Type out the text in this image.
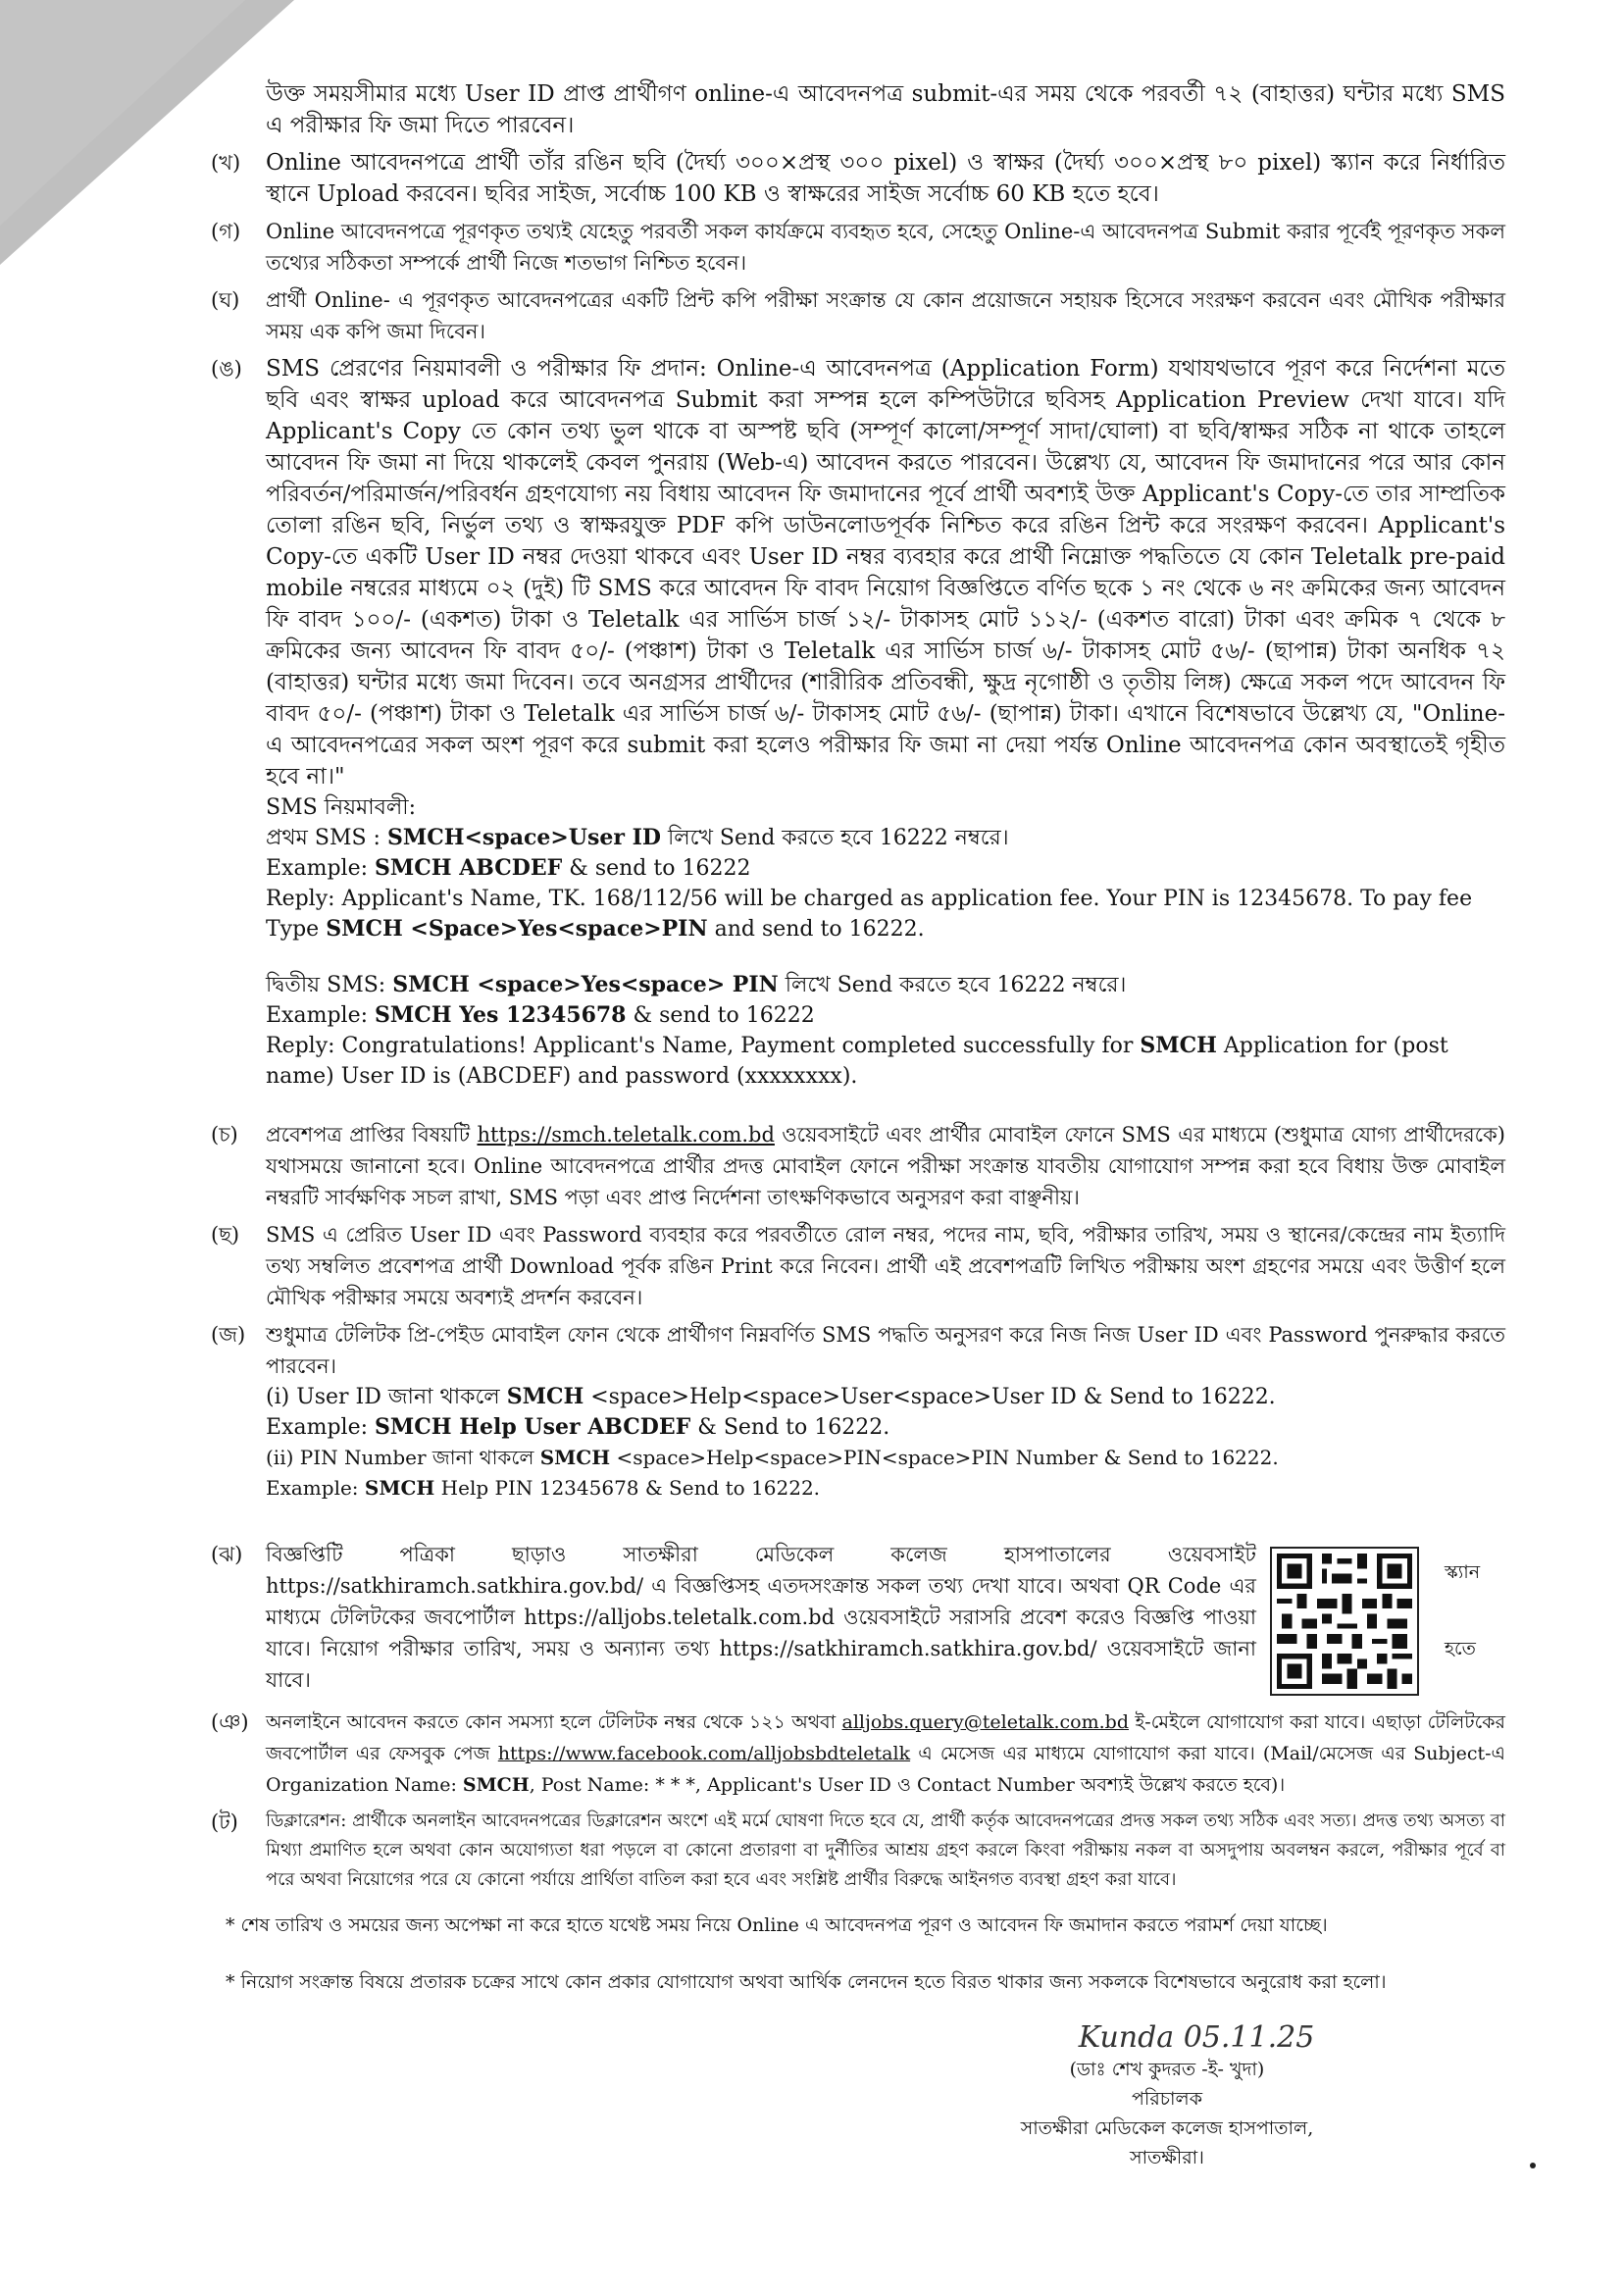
উক্ত সময়সীমার মধ্যে User ID প্রাপ্ত প্রার্থীগণ online-এ আবেদনপত্র submit-এর সময় থেকে পরবর্তী ৭২ (বাহাত্তর) ঘন্টার মধ্যে SMS এ পরীক্ষার ফি জমা দিতে পারবেন।

(খ)	Online আবেদনপত্রে প্রার্থী তাঁর রঙিন ছবি (দৈর্ঘ্য ৩০০×প্রস্থ ৩০০ pixel) ও স্বাক্ষর (দৈর্ঘ্য ৩০০×প্রস্থ ৮০ pixel) স্ক্যান করে নির্ধারিত স্থানে Upload করবেন। ছবির সাইজ, সর্বোচ্চ 100 KB ও স্বাক্ষরের সাইজ সর্বোচ্চ 60 KB হতে হবে।

(গ)	Online আবেদনপত্রে পূরণকৃত তথ্যই যেহেতু পরবর্তী সকল কার্যক্রমে ব্যবহৃত হবে, সেহেতু Online-এ আবেদনপত্র Submit করার পূর্বেই পূরণকৃত সকল তথ্যের সঠিকতা সম্পর্কে প্রার্থী নিজে শতভাগ নিশ্চিত হবেন।

(ঘ)	প্রার্থী Online- এ পূরণকৃত আবেদনপত্রের একটি প্রিন্ট কপি পরীক্ষা সংক্রান্ত যে কোন প্রয়োজনে সহায়ক হিসেবে সংরক্ষণ করবেন এবং মৌখিক পরীক্ষার সময় এক কপি জমা দিবেন।

(ঙ)	SMS প্রেরণের নিয়মাবলী ও পরীক্ষার ফি প্রদান: Online-এ আবেদনপত্র (Application Form) যথাযথভাবে পূরণ করে নির্দেশনা মতে ছবি এবং স্বাক্ষর upload করে আবেদনপত্র Submit করা সম্পন্ন হলে কম্পিউটারে ছবিসহ Application Preview দেখা যাবে। যদি Applicant's Copy তে কোন তথ্য ভুল থাকে বা অস্পষ্ট ছবি (সম্পূর্ণ কালো/সম্পূর্ণ সাদা/ঘোলা) বা ছবি/স্বাক্ষর সঠিক না থাকে তাহলে আবেদন ফি জমা না দিয়ে থাকলেই কেবল পুনরায় (Web-এ) আবেদন করতে পারবেন। উল্লেখ্য যে, আবেদন ফি জমাদানের পরে আর কোন পরিবর্তন/পরিমার্জন/পরিবর্ধন গ্রহণযোগ্য নয় বিধায় আবেদন ফি জমাদানের পূর্বে প্রার্থী অবশ্যই উক্ত Applicant's Copy-তে তার সাম্প্রতিক তোলা রঙিন ছবি, নির্ভুল তথ্য ও স্বাক্ষরযুক্ত PDF কপি ডাউনলোডপূর্বক নিশ্চিত করে রঙিন প্রিন্ট করে সংরক্ষণ করবেন। Applicant's Copy-তে একটি User ID নম্বর দেওয়া থাকবে এবং User ID নম্বর ব্যবহার করে প্রার্থী নিম্নোক্ত পদ্ধতিতে যে কোন Teletalk pre-paid mobile নম্বরের মাধ্যমে ০২ (দুই) টি SMS করে আবেদন ফি বাবদ নিয়োগ বিজ্ঞপ্তিতে বর্ণিত ছকে ১ নং থেকে ৬ নং ক্রমিকের জন্য আবেদন ফি বাবদ ১০০/- (একশত) টাকা ও Teletalk এর সার্ভিস চার্জ ১২/- টাকাসহ মোট ১১২/- (একশত বারো) টাকা এবং ক্রমিক ৭ থেকে ৮ ক্রমিকের জন্য আবেদন ফি বাবদ ৫০/- (পঞ্চাশ) টাকা ও Teletalk এর সার্ভিস চার্জ ৬/- টাকাসহ মোট ৫৬/- (ছাপান্ন) টাকা অনধিক ৭২ (বাহাত্তর) ঘন্টার মধ্যে জমা দিবেন। তবে অনগ্রসর প্রার্থীদের (শারীরিক প্রতিবন্ধী, ক্ষুদ্র নৃগোষ্ঠী ও তৃতীয় লিঙ্গ) ক্ষেত্রে সকল পদে আবেদন ফি বাবদ ৫০/- (পঞ্চাশ) টাকা ও Teletalk এর সার্ভিস চার্জ ৬/- টাকাসহ মোট ৫৬/- (ছাপান্ন) টাকা। এখানে বিশেষভাবে উল্লেখ্য যে, "Online-এ আবেদনপত্রের সকল অংশ পূরণ করে submit করা হলেও পরীক্ষার ফি জমা না দেয়া পর্যন্ত Online আবেদনপত্র কোন অবস্থাতেই গৃহীত হবে না।"

SMS নিয়মাবলী:

প্রথম SMS : SMCH<space>User ID লিখে Send করতে হবে 16222 নম্বরে।

Example: SMCH ABCDEF & send to 16222

Reply: Applicant's Name, TK. 168/112/56 will be charged as application fee. Your PIN is 12345678. To pay fee Type SMCH <Space>Yes<space>PIN and send to 16222.

দ্বিতীয় SMS: SMCH <space>Yes<space> PIN লিখে Send করতে হবে 16222 নম্বরে।

Example: SMCH Yes 12345678 & send to 16222

Reply: Congratulations! Applicant's Name, Payment completed successfully for SMCH Application for (post name) User ID is (ABCDEF) and password (xxxxxxxx).

(চ)	প্রবেশপত্র প্রাপ্তির বিষয়টি https://smch.teletalk.com.bd ওয়েবসাইটে এবং প্রার্থীর মোবাইল ফোনে SMS এর মাধ্যমে (শুধুমাত্র যোগ্য প্রার্থীদেরকে) যথাসময়ে জানানো হবে। Online আবেদনপত্রে প্রার্থীর প্রদত্ত মোবাইল ফোনে পরীক্ষা সংক্রান্ত যাবতীয় যোগাযোগ সম্পন্ন করা হবে বিধায় উক্ত মোবাইল নম্বরটি সার্বক্ষণিক সচল রাখা, SMS পড়া এবং প্রাপ্ত নির্দেশনা তাৎক্ষণিকভাবে অনুসরণ করা বাঞ্ছনীয়।

(ছ)	SMS এ প্রেরিত User ID এবং Password ব্যবহার করে পরবর্তীতে রোল নম্বর, পদের নাম, ছবি, পরীক্ষার তারিখ, সময় ও স্থানের/কেন্দ্রের নাম ইত্যাদি তথ্য সম্বলিত প্রবেশপত্র প্রার্থী Download পূর্বক রঙিন Print করে নিবেন। প্রার্থী এই প্রবেশপত্রটি লিখিত পরীক্ষায় অংশ গ্রহণের সময়ে এবং উত্তীর্ণ হলে মৌখিক পরীক্ষার সময়ে অবশ্যই প্রদর্শন করবেন।

(জ) শুধুমাত্র টেলিটক প্রি-পেইড মোবাইল ফোন থেকে প্রার্থীগণ নিম্নবর্ণিত SMS পদ্ধতি অনুসরণ করে নিজ নিজ User ID এবং Password পুনরুদ্ধার করতে পারবেন।

(i) User ID জানা থাকলে SMCH <space>Help<space>User<space>User ID & Send to 16222.

Example: SMCH Help User ABCDEF & Send to 16222.

(ii) PIN Number জানা থাকলে SMCH <space>Help<space>PIN<space>PIN Number & Send to 16222.

Example: SMCH Help PIN 12345678 & Send to 16222.

(ঝ)	বিজ্ঞপ্তিটি পত্রিকা ছাড়াও সাতক্ষীরা মেডিকেল কলেজ হাসপাতালের ওয়েবসাইট https://satkhiramch.satkhira.gov.bd/ এ বিজ্ঞপ্তিসহ এতদসংক্রান্ত সকল তথ্য দেখা যাবে। অথবা QR Code এর মাধ্যমে টেলিটকের জবপোর্টাল https://alljobs.teletalk.com.bd ওয়েবসাইটে সরাসরি প্রবেশ করেও বিজ্ঞপ্তি পাওয়া যাবে। নিয়োগ পরীক্ষার তারিখ, সময় ও অন্যান্য তথ্য https://satkhiramch.satkhira.gov.bd/ ওয়েবসাইটে জানা যাবে।

স্ক্যান
হতে
(ঞ) অনলাইনে আবেদন করতে কোন সমস্যা হলে টেলিটক নম্বর থেকে ১২১ অথবা alljobs.query@teletalk.com.bd ই-মেইলে যোগাযোগ করা যাবে। এছাড়া টেলিটকের জবপোর্টাল এর ফেসবুক পেজ https://www.facebook.com/alljobsbdteletalk এ মেসেজ এর মাধ্যমে যোগাযোগ করা যাবে। (Mail/মেসেজ এর Subject-এ Organization Name: SMCH, Post Name: * * *, Applicant's User ID ও Contact Number অবশ্যই উল্লেখ করতে হবে)।

(ট)	ডিক্লারেশন: প্রার্থীকে অনলাইন আবেদনপত্রের ডিক্লারেশন অংশে এই মর্মে ঘোষণা দিতে হবে যে, প্রার্থী কর্তৃক আবেদনপত্রের প্রদত্ত সকল তথ্য সঠিক এবং সত্য। প্রদত্ত তথ্য অসত্য বা মিথ্যা প্রমাণিত হলে অথবা কোন অযোগ্যতা ধরা পড়লে বা কোনো প্রতারণা বা দুর্নীতির আশ্রয় গ্রহণ করলে কিংবা পরীক্ষায় নকল বা অসদুপায় অবলম্বন করলে, পরীক্ষার পূর্বে বা পরে অথবা নিয়োগের পরে যে কোনো পর্যায়ে প্রার্থিতা বাতিল করা হবে এবং সংশ্লিষ্ট প্রার্থীর বিরুদ্ধে আইনগত ব্যবস্থা গ্রহণ করা যাবে।

* শেষ তারিখ ও সময়ের জন্য অপেক্ষা না করে হাতে যথেষ্ট সময় নিয়ে Online এ আবেদনপত্র পূরণ ও আবেদন ফি জমাদান করতে পরামর্শ দেয়া যাচ্ছে।

* নিয়োগ সংক্রান্ত বিষয়ে প্রতারক চক্রের সাথে কোন প্রকার যোগাযোগ অথবা আর্থিক লেনদেন হতে বিরত থাকার জন্য সকলকে বিশেষভাবে অনুরোধ করা হলো।

Kunda 05.11.25

(ডাঃ শেখ কুদরত -ই- খুদা)

পরিচালক

সাতক্ষীরা মেডিকেল কলেজ হাসপাতাল,

সাতক্ষীরা।
